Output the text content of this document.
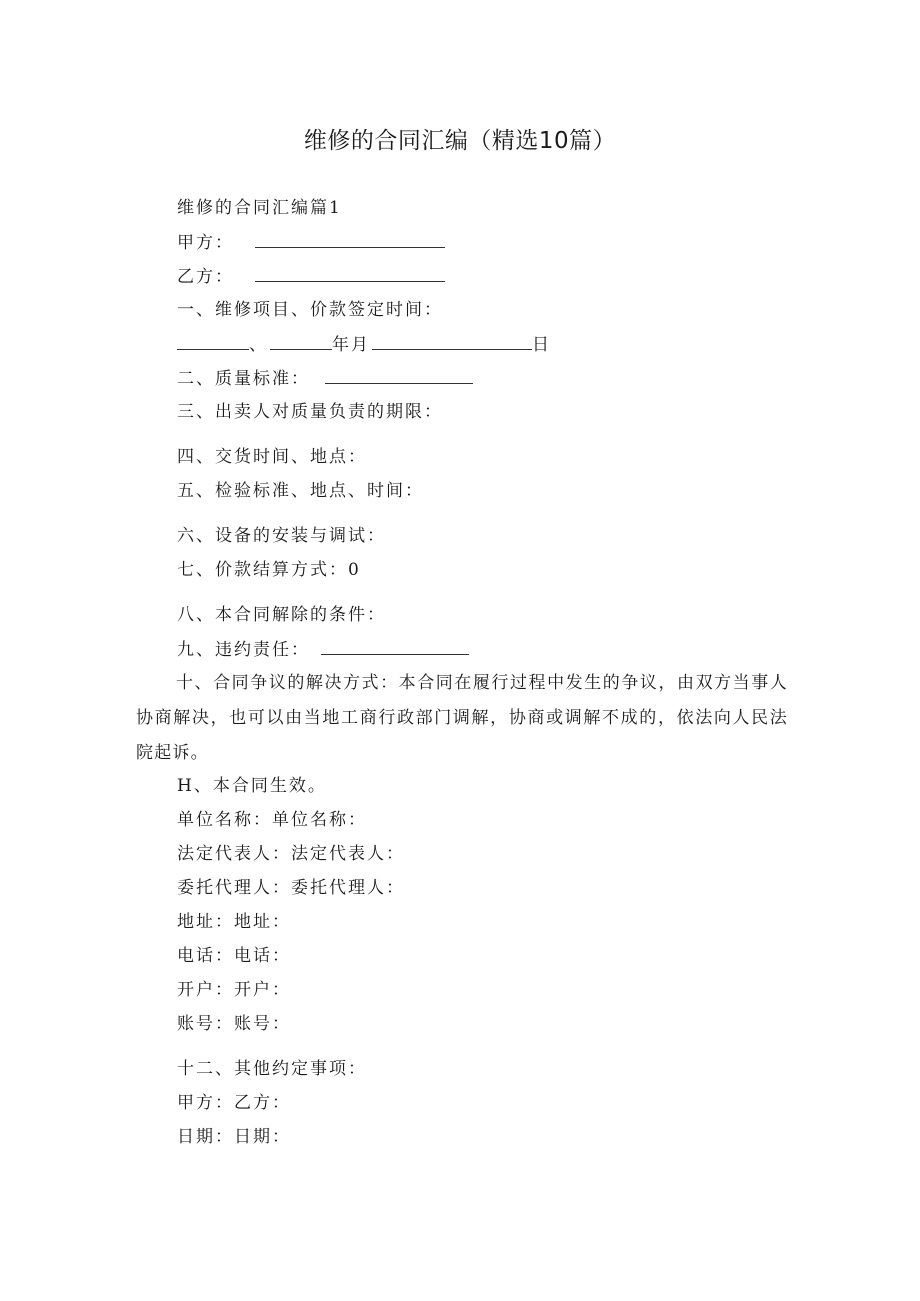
维修的合同汇编（精选10篇）
维修的合同汇编篇1
甲方：
乙方：
一、维修项目、价款签定时间：
、	年月	日
二、质量标准：
三、出卖人对质量负责的期限：
四、交货时间、地点：
五、检验标准、地点、时间：
六、设备的安装与调试：
七、价款结算方式：0
八、本合同解除的条件：
九、违约责任：
十、合同争议的解决方式：本合同在履行过程中发生的争议，由双方当事人协商解决，也可以由当地工商行政部门调解，协商或调解不成的，依法向人民法院起诉。
H、本合同生效。
单位名称：单位名称：
法定代表人：法定代表人：
委托代理人：委托代理人：
地址：地址：
电话：电话：
开户：开户：
账号：账号：
十二、其他约定事项：
甲方：乙方：
日期：日期：
